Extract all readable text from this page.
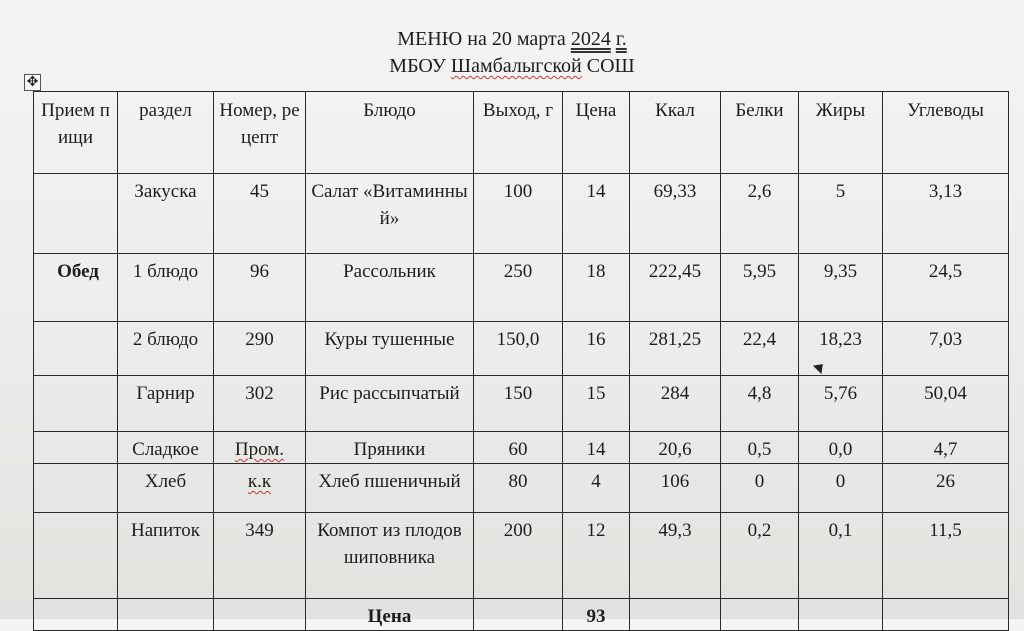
МЕНЮ на 20 марта 2024 г.
МБОУ Шамбалыгской СОШ
✥
Прием пищи	раздел	Номер, рецепт	Блюдо	Выход, г	Цена	Ккал	Белки	Жиры	Углеводы
	Закуска	45	Салат «Витаминный»	100	14	69,33	2,6	5	3,13
Обед	1 блюдо	96	Рассольник	250	18	222,45	5,95	9,35	24,5
	2 блюдо	290	Куры тушенные	150,0	16	281,25	22,4	18,23	7,03
	Гарнир	302	Рис рассыпчатый	150	15	284	4,8	5,76	50,04
	Сладкое	Пром.	Пряники	60	14	20,6	0,5	0,0	4,7
	Хлеб	к.к	Хлеб пшеничный	80	4	106	0	0	26
	Напиток	349	Компот из плодов шиповника	200	12	49,3	0,2	0,1	11,5
			Цена		93				
